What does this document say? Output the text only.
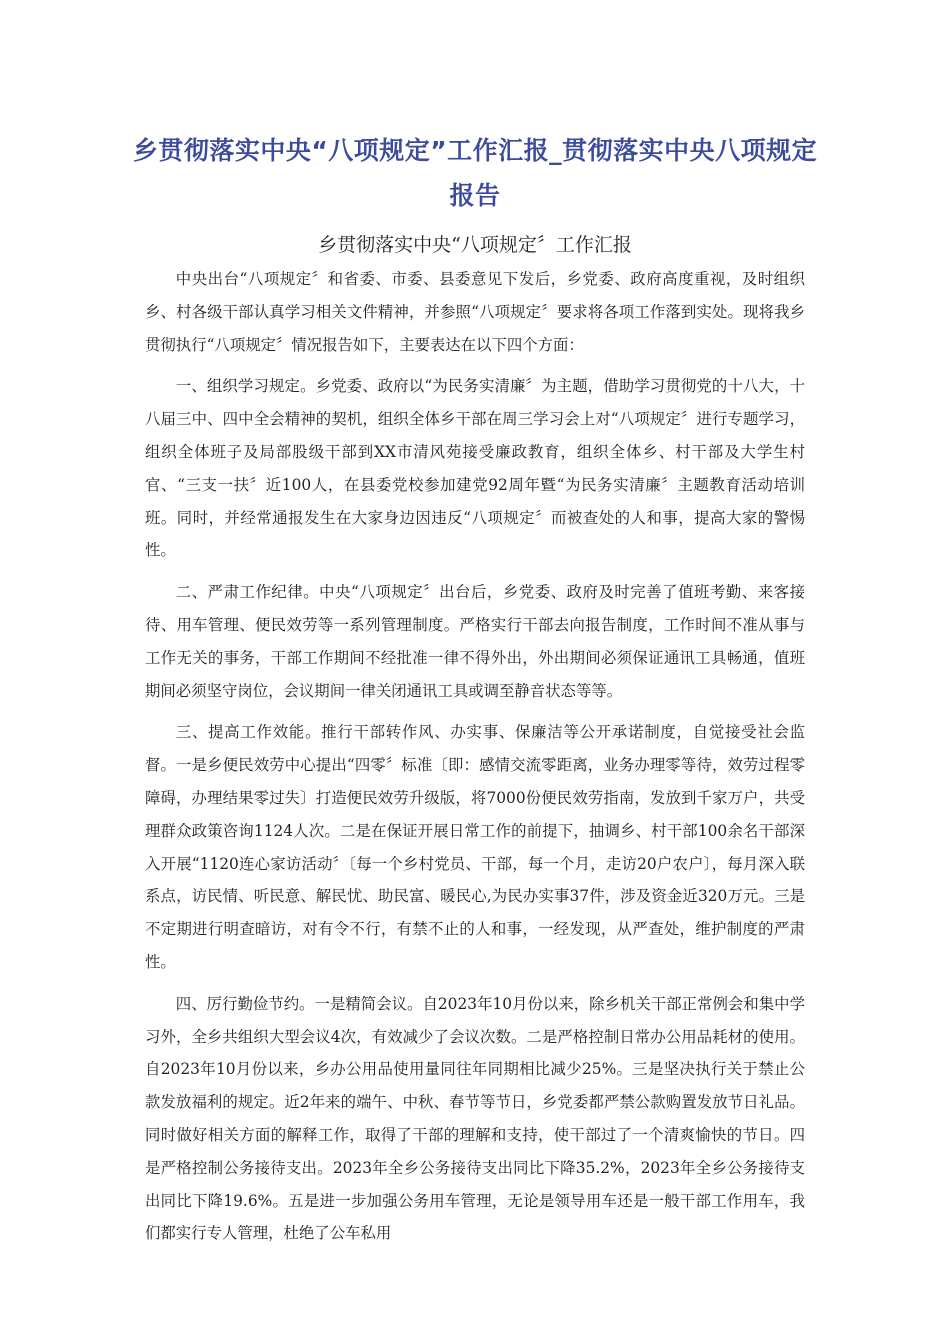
乡贯彻落实中央“八项规定”工作汇报_贯彻落实中央八项规定报告
乡贯彻落实中央“八项规定〞工作汇报

中央出台“八项规定〞和省委、市委、县委意见下发后，乡党委、政府高度重视，及时组织乡、村各级干部认真学习相关文件精神，并参照“八项规定〞要求将各项工作落到实处。现将我乡贯彻执行“八项规定〞情况报告如下，主要表达在以下四个方面：

一、组织学习规定。乡党委、政府以“为民务实清廉〞为主题，借助学习贯彻党的十八大，十八届三中、四中全会精神的契机，组织全体乡干部在周三学习会上对“八项规定〞进行专题学习，组织全体班子及局部股级干部到XX市清风苑接受廉政教育，组织全体乡、村干部及大学生村官、“三支一扶〞近100人，在县委党校参加建党92周年暨“为民务实清廉〞主题教育活动培训班。同时，并经常通报发生在大家身边因违反“八项规定〞而被查处的人和事，提高大家的警惕性。

二、严肃工作纪律。中央“八项规定〞出台后，乡党委、政府及时完善了值班考勤、来客接待、用车管理、便民效劳等一系列管理制度。严格实行干部去向报告制度，工作时间不准从事与工作无关的事务，干部工作期间不经批准一律不得外出，外出期间必须保证通讯工具畅通，值班期间必须坚守岗位，会议期间一律关闭通讯工具或调至静音状态等等。

三、提高工作效能。推行干部转作风、办实事、保廉洁等公开承诺制度，自觉接受社会监督。一是乡便民效劳中心提出“四零〞标准〔即：感情交流零距离，业务办理零等待，效劳过程零障碍，办理结果零过失〕打造便民效劳升级版，将7000份便民效劳指南，发放到千家万户，共受理群众政策咨询1124人次。二是在保证开展日常工作的前提下，抽调乡、村干部100余名干部深入开展“1120连心家访活动〞〔每一个乡村党员、干部，每一个月，走访20户农户〕，每月深入联系点，访民情、听民意、解民忧、助民富、暖民心,为民办实事37件，涉及资金近320万元。三是不定期进行明查暗访，对有令不行，有禁不止的人和事，一经发现，从严查处，维护制度的严肃性。

四、厉行勤俭节约。一是精简会议。自2023年10月份以来，除乡机关干部正常例会和集中学习外，全乡共组织大型会议4次，有效减少了会议次数。二是严格控制日常办公用品耗材的使用。自2023年10月份以来，乡办公用品使用量同往年同期相比减少25%。三是坚决执行关于禁止公款发放福利的规定。近2年来的端午、中秋、春节等节日，乡党委都严禁公款购置发放节日礼品。同时做好相关方面的解释工作，取得了干部的理解和支持，使干部过了一个清爽愉快的节日。四是严格控制公务接待支出。2023年全乡公务接待支出同比下降35.2%，2023年全乡公务接待支出同比下降19.6%。五是进一步加强公务用车管理，无论是领导用车还是一般干部工作用车，我们都实行专人管理，杜绝了公车私用
